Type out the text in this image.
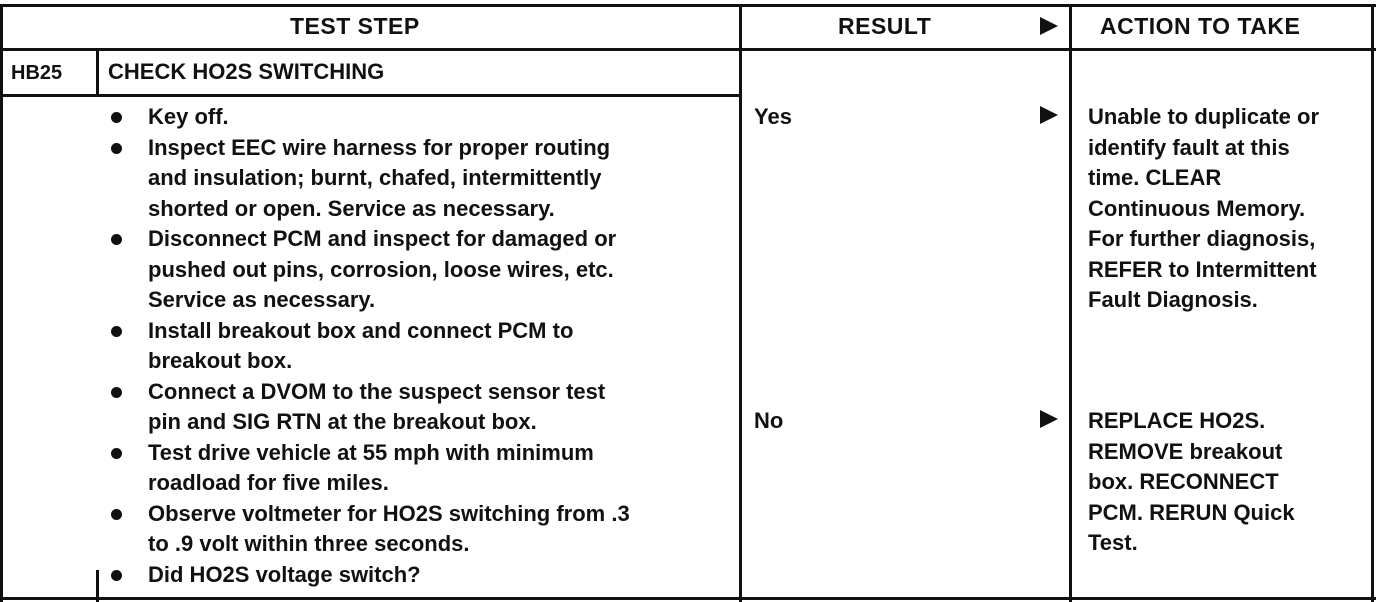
TEST STEP	RESULT	ACTION TO TAKE
HB25 CHECK HO2S SWITCHING
Key off.
Inspect EEC wire harness for proper routing
and insulation; burnt, chafed, intermittently
shorted or open. Service as necessary.
Disconnect PCM and inspect for damaged or
pushed out pins, corrosion, loose wires, etc.
Service as necessary.
Install breakout box and connect PCM to
breakout box.
Connect a DVOM to the suspect sensor test
pin and SIG RTN at the breakout box.
Test drive vehicle at 55 mph with minimum
roadload for five miles.
Observe voltmeter for HO2S switching from .3
to .9 volt within three seconds.
Did HO2S voltage switch?
Yes	Unable to duplicate or
identify fault at this
time. CLEAR
Continuous Memory.
For further diagnosis,
REFER to Intermittent
Fault Diagnosis.
No	REPLACE HO2S.
REMOVE breakout
box. RECONNECT
PCM. RERUN Quick
Test.
